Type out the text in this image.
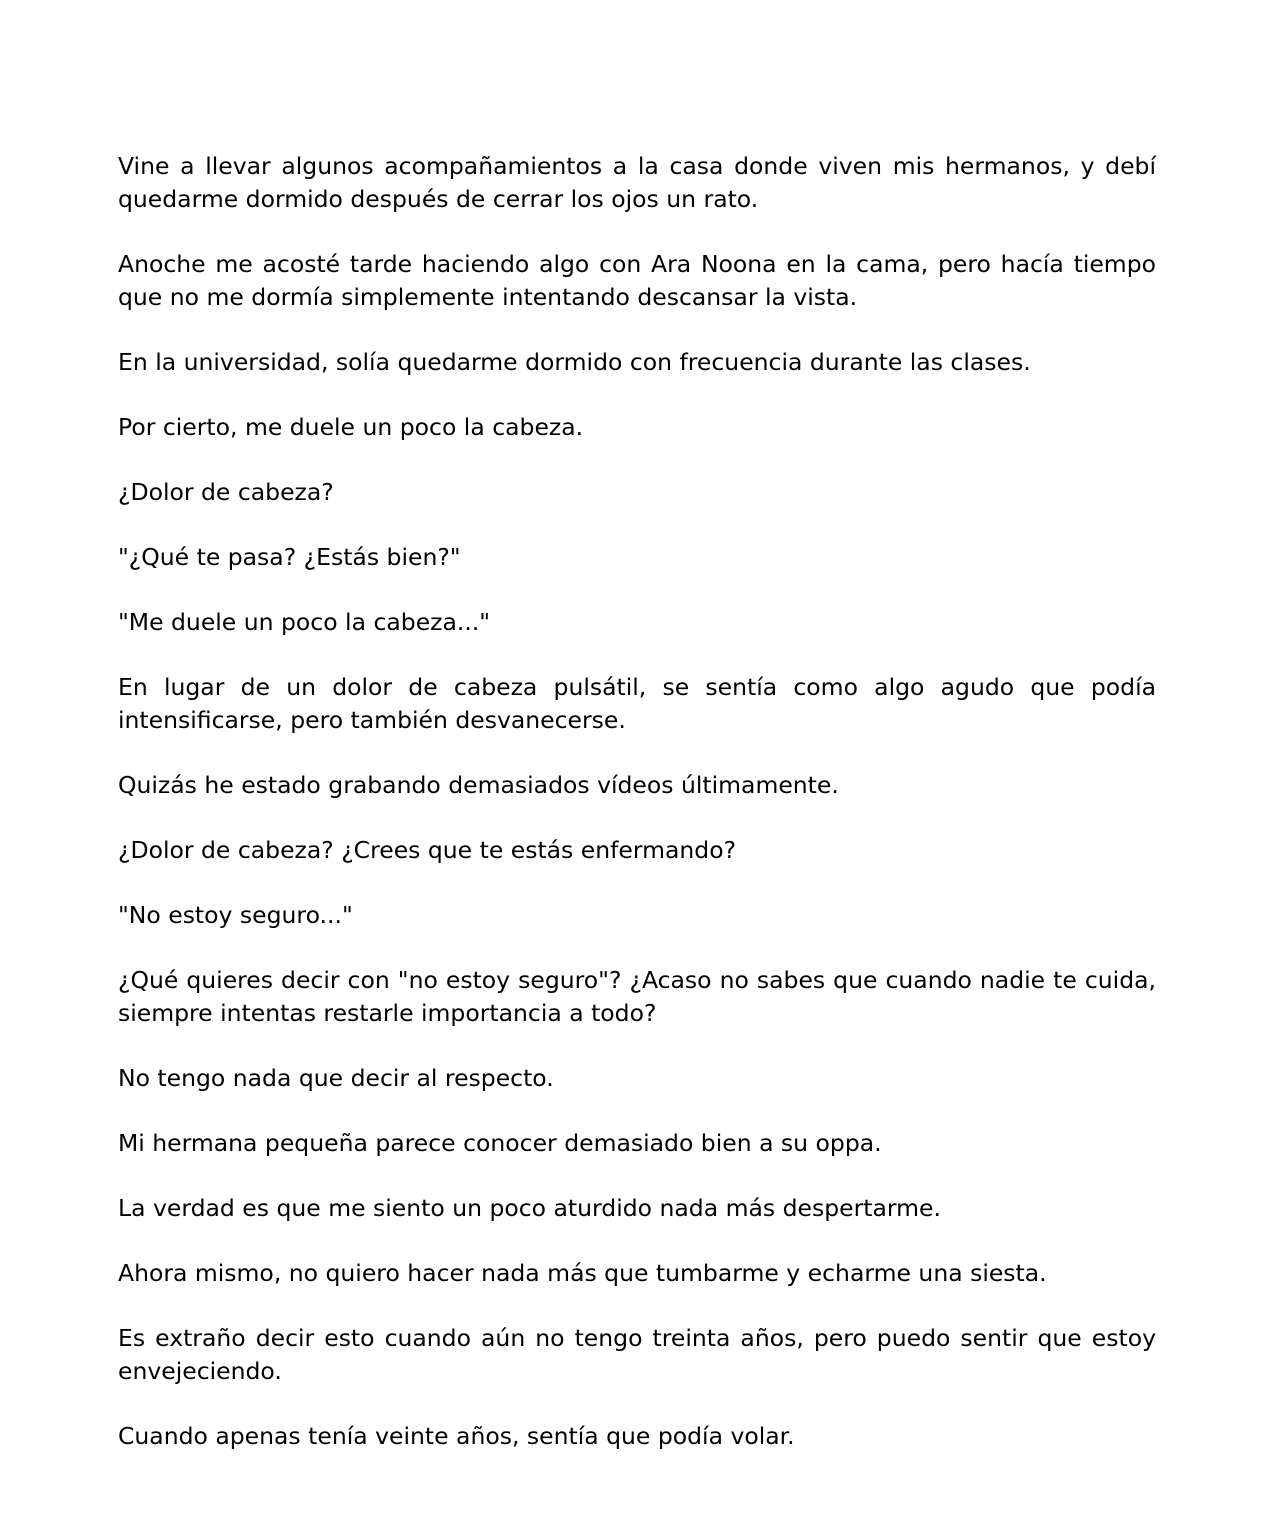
Vine a llevar algunos acompañamientos a la casa donde viven mis hermanos, y debí quedarme dormido después de cerrar los ojos un rato.

Anoche me acosté tarde haciendo algo con Ara Noona en la cama, pero hacía tiempo que no me dormía simplemente intentando descansar la vista.

En la universidad, solía quedarme dormido con frecuencia durante las clases.

Por cierto, me duele un poco la cabeza.

¿Dolor de cabeza?

"¿Qué te pasa? ¿Estás bien?"

"Me duele un poco la cabeza..."

En lugar de un dolor de cabeza pulsátil, se sentía como algo agudo que podía intensificarse, pero también desvanecerse.

Quizás he estado grabando demasiados vídeos últimamente.

¿Dolor de cabeza? ¿Crees que te estás enfermando?

"No estoy seguro..."

¿Qué quieres decir con "no estoy seguro"? ¿Acaso no sabes que cuando nadie te cuida, siempre intentas restarle importancia a todo?

No tengo nada que decir al respecto.

Mi hermana pequeña parece conocer demasiado bien a su oppa.

La verdad es que me siento un poco aturdido nada más despertarme.

Ahora mismo, no quiero hacer nada más que tumbarme y echarme una siesta.

Es extraño decir esto cuando aún no tengo treinta años, pero puedo sentir que estoy envejeciendo.

Cuando apenas tenía veinte años, sentía que podía volar.
